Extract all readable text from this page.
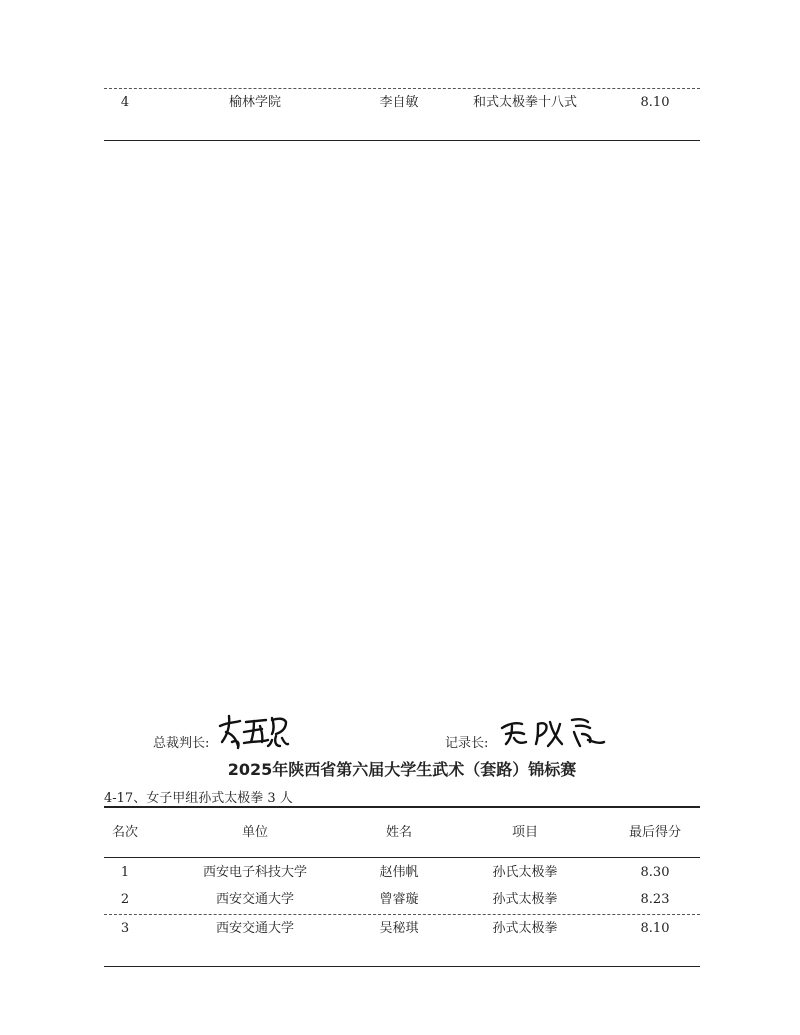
4	榆林学院	李自敏	和式太极拳十八式	8.10
总裁判长:	记录长:
2025年陕西省第六届大学生武术（套路）锦标赛
4-17、女子甲组孙式太极拳 3 人
名次	单位	姓名	项目	最后得分
1	西安电子科技大学	赵伟帆	孙氏太极拳	8.30
2	西安交通大学	曾睿璇	孙式太极拳	8.23
3	西安交通大学	吴秘琪	孙式太极拳	8.10
